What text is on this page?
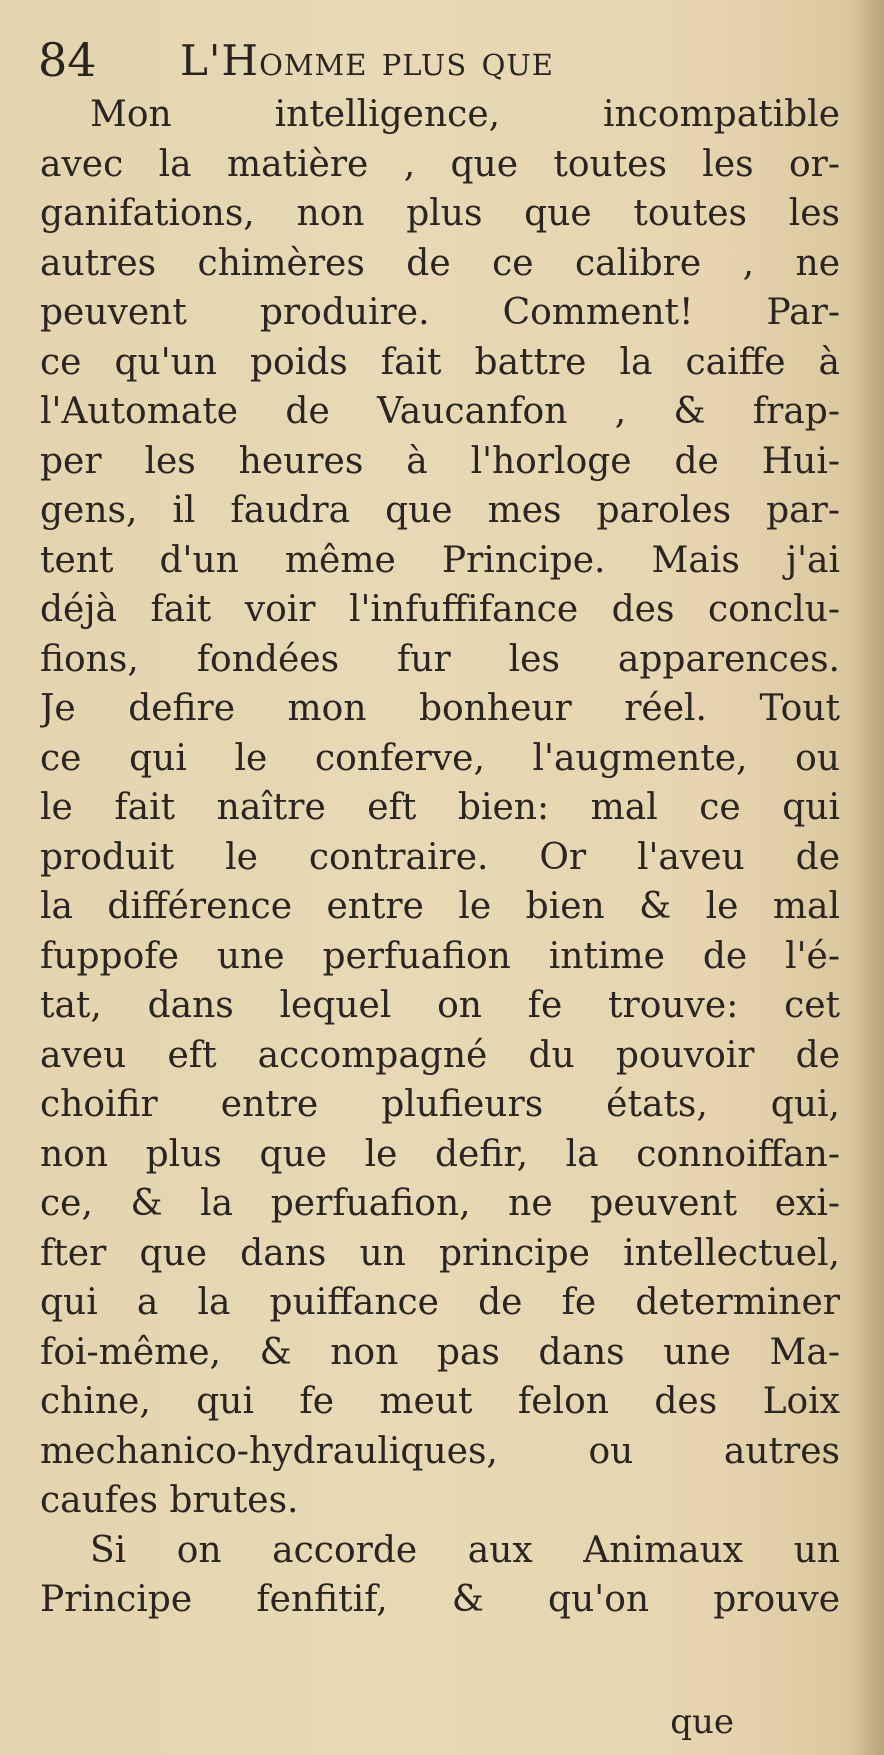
84 L'Homme plus que
Mon intelligence, incompatible
avec la matière , que toutes les or-
ganifations, non plus que toutes les
autres chimères de ce calibre , ne
peuvent produire. Comment! Par-
ce qu'un poids fait battre la caiffe à
l'Automate de Vaucanfon , & frap-
per les heures à l'horloge de Hui-
gens, il faudra que mes paroles par-
tent d'un même Principe. Mais j'ai
déjà fait voir l'infuffifance des conclu-
fions, fondées fur les apparences.
Je defire mon bonheur réel. Tout
ce qui le conferve, l'augmente, ou
le fait naître eft bien: mal ce qui
produit le contraire. Or l'aveu de
la différence entre le bien & le mal
fuppofe une perfuafion intime de l'é-
tat, dans lequel on fe trouve: cet
aveu eft accompagné du pouvoir de
choifir entre plufieurs états, qui,
non plus que le defir, la connoiffan-
ce, & la perfuafion, ne peuvent exi-
fter que dans un principe intellectuel,
qui a la puiffance de fe determiner
foi-même, & non pas dans une Ma-
chine, qui fe meut felon des Loix
mechanico-hydrauliques, ou autres
caufes brutes.
Si on accorde aux Animaux un
Principe fenfitif, & qu'on prouve
que
